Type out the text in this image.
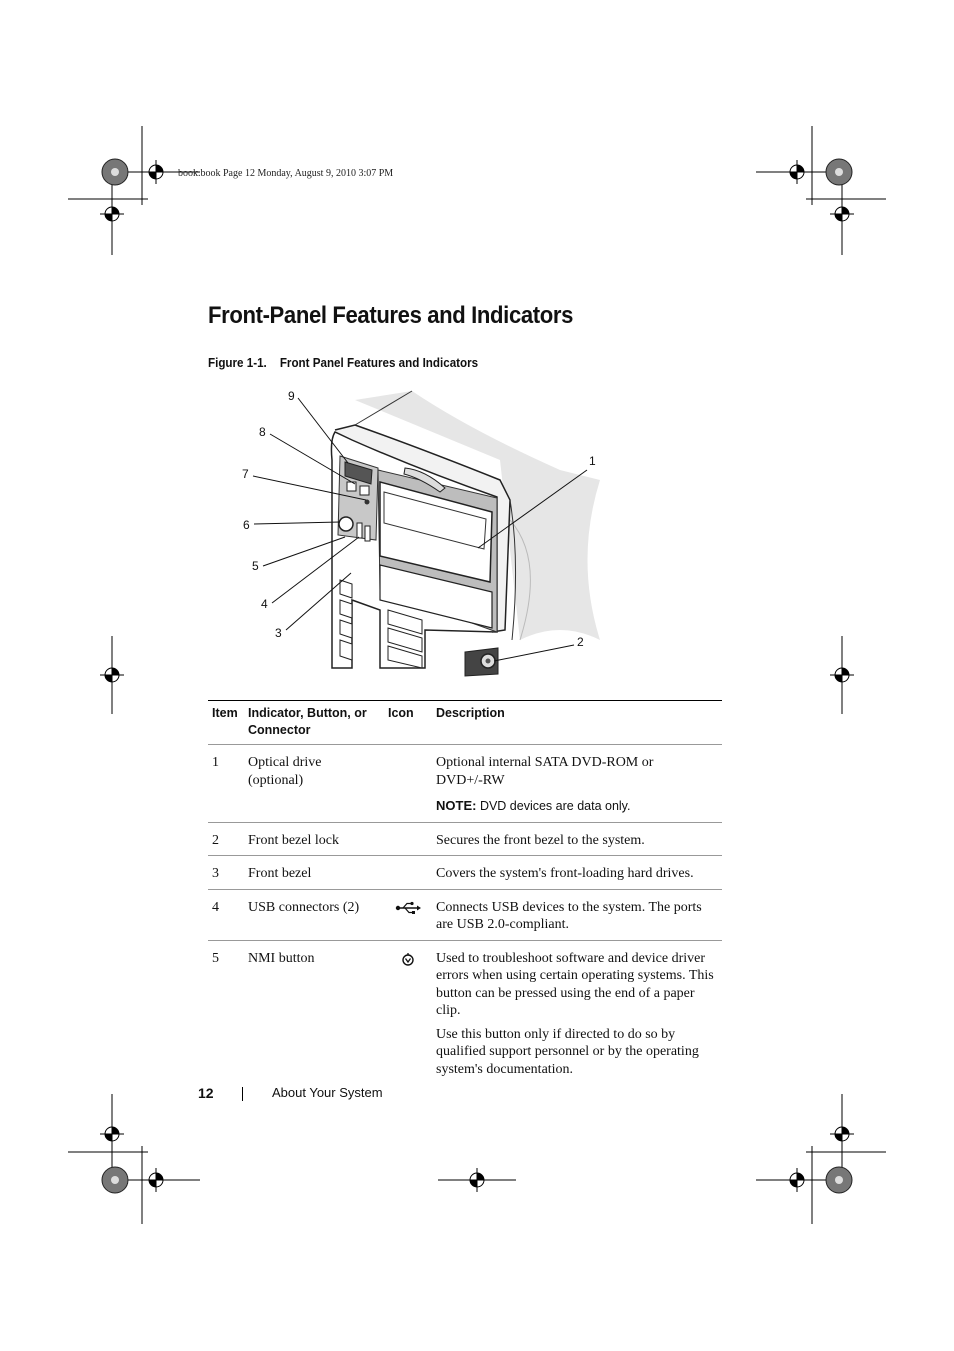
book.book Page 12 Monday, August 9, 2010 3:07 PM
Front-Panel Features and Indicators
Figure 1-1. Front Panel Features and Indicators
1
2
3
4
5
6
7
8
9
Item	Indicator, Button, or Connector	Icon	Description
1	Optical drive (optional)		Optional internal SATA DVD-ROM or DVD+/-RW
NOTE: DVD devices are data only.

2	Front bezel lock		Secures the front bezel to the system.
3	Front bezel		Covers the system's front-loading hard drives.
4	USB connectors (2)		Connects USB devices to the system. The ports are USB 2.0-compliant.
5	NMI button		Used to troubleshoot software and device driver errors when using certain operating systems. This button can be pressed using the end of a paper clip.
Use this button only if directed to do so by qualified support personnel or by the operating system's documentation.
12	About Your System
